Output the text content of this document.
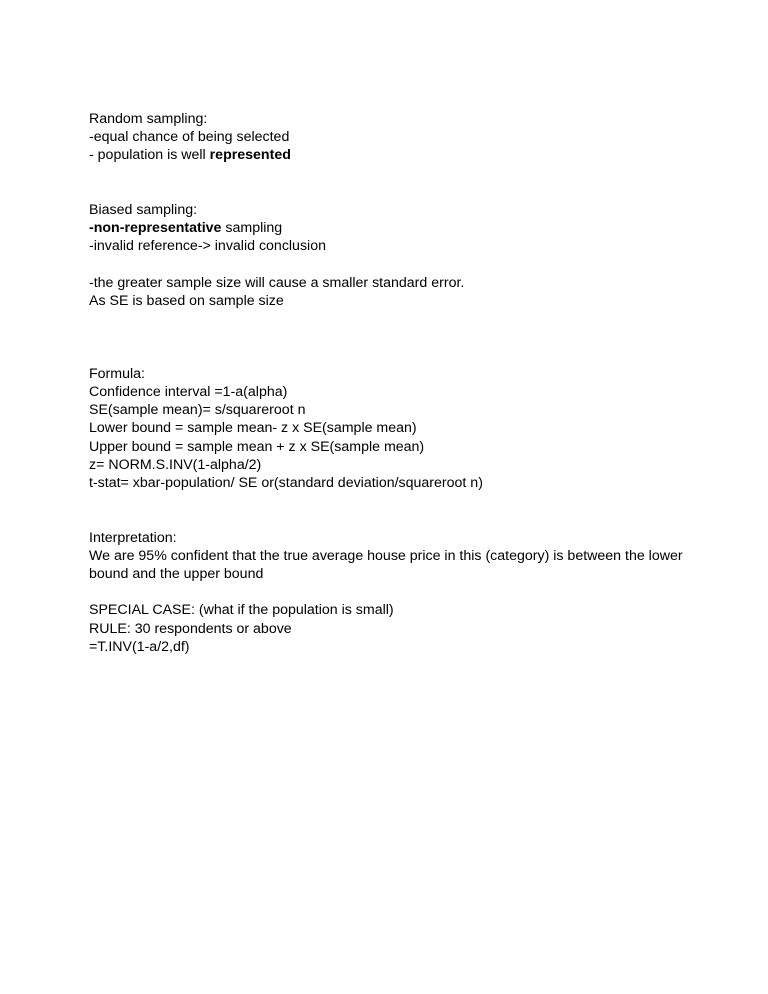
Random sampling:
-equal chance of being selected
- population is well represented
Biased sampling:
-non-representative sampling
-invalid reference-> invalid conclusion
-the greater sample size will cause a smaller standard error.
As SE is based on sample size
Formula:
Confidence interval =1-a(alpha)
SE(sample mean)= s/squareroot n
Lower bound = sample mean- z x SE(sample mean)
Upper bound = sample mean + z x SE(sample mean)
z= NORM.S.INV(1-alpha/2)
t-stat= xbar-population/ SE or(standard deviation/squareroot n)
Interpretation:
We are 95% confident that the true average house price in this (category) is between the lower bound and the upper bound
SPECIAL CASE: (what if the population is small)
RULE: 30 respondents or above
=T.INV(1-a/2,df)
